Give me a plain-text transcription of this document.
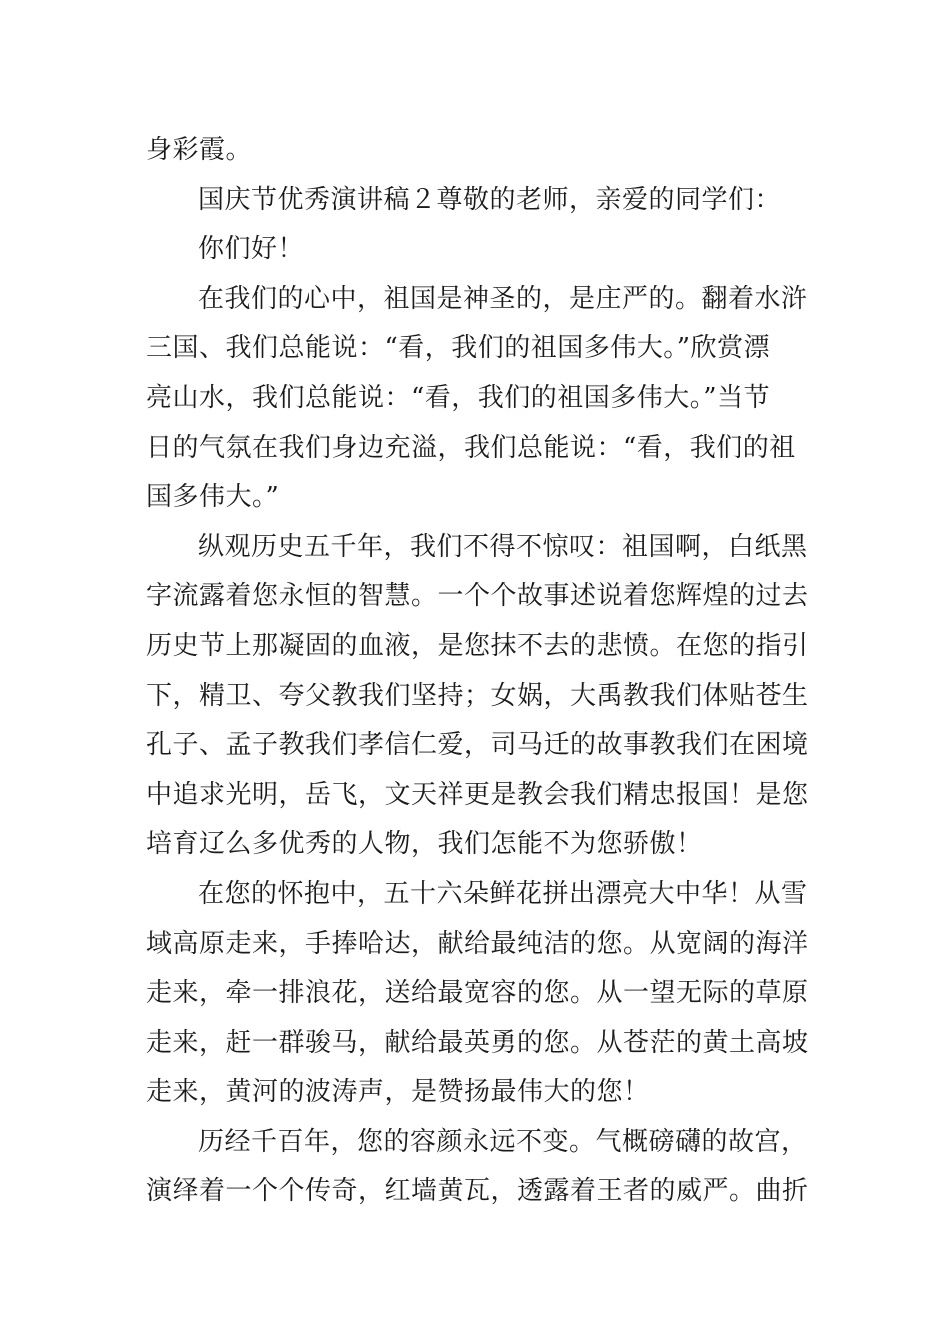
身彩霞。
国庆节优秀演讲稿２尊敬的老师，亲爱的同学们：
你们好！
在我们的心中，祖国是神圣的，是庄严的。翻着水浒
三国、我们总能说：“看，我们的祖国多伟大。”欣赏漂
亮山水，我们总能说：“看，我们的祖国多伟大。”当节
日的气氛在我们身边充溢，我们总能说：“看，我们的祖
国多伟大。”
纵观历史五千年，我们不得不惊叹：祖国啊，白纸黑
字流露着您永恒的智慧。一个个故事述说着您辉煌的过去
历史节上那凝固的血液，是您抹不去的悲愤。在您的指引
下，精卫、夸父教我们坚持；女娲，大禹教我们体贴苍生
孔子、孟子教我们孝信仁爱，司马迁的故事教我们在困境
中追求光明，岳飞，文天祥更是教会我们精忠报国！是您
培育辽么多优秀的人物，我们怎能不为您骄傲！
在您的怀抱中，五十六朵鲜花拼出漂亮大中华！从雪
域高原走来，手捧哈达，献给最纯洁的您。从宽阔的海洋
走来，牵一排浪花，送给最宽容的您。从一望无际的草原
走来，赶一群骏马，献给最英勇的您。从苍茫的黄土高坡
走来，黄河的波涛声，是赞扬最伟大的您！
历经千百年，您的容颜永远不变。气概磅礴的故宫，
演绎着一个个传奇，红墙黄瓦，透露着王者的威严。曲折
